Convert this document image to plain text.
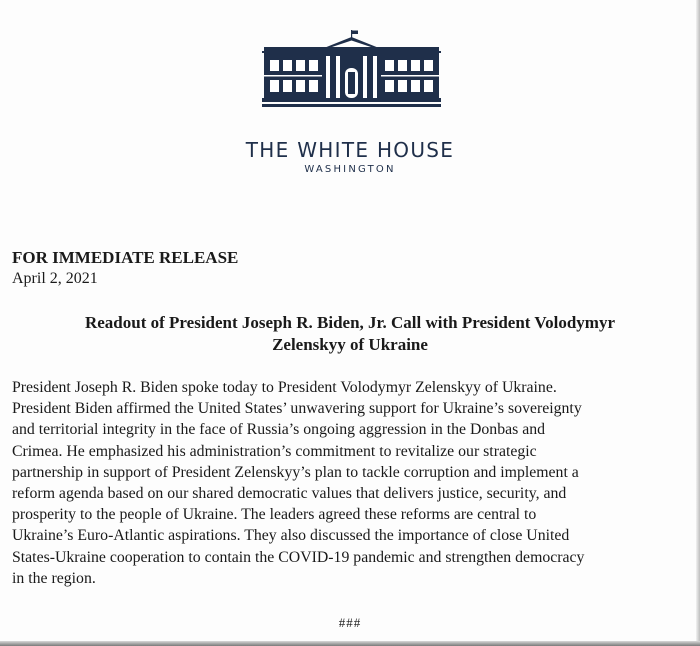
THE WHITE HOUSE
WASHINGTON
FOR IMMEDIATE RELEASE
April 2, 2021
Readout of President Joseph R. Biden, Jr. Call with President Volodymyr
Zelenskyy of Ukraine
President Joseph R. Biden spoke today to President Volodymyr Zelenskyy of Ukraine.
President Biden affirmed the United States’ unwavering support for Ukraine’s sovereignty
and territorial integrity in the face of Russia’s ongoing aggression in the Donbas and
Crimea. He emphasized his administration’s commitment to revitalize our strategic
partnership in support of President Zelenskyy’s plan to tackle corruption and implement a
reform agenda based on our shared democratic values that delivers justice, security, and
prosperity to the people of Ukraine. The leaders agreed these reforms are central to
Ukraine’s Euro-Atlantic aspirations. They also discussed the importance of close United
States-Ukraine cooperation to contain the COVID-19 pandemic and strengthen democracy
in the region.
###
